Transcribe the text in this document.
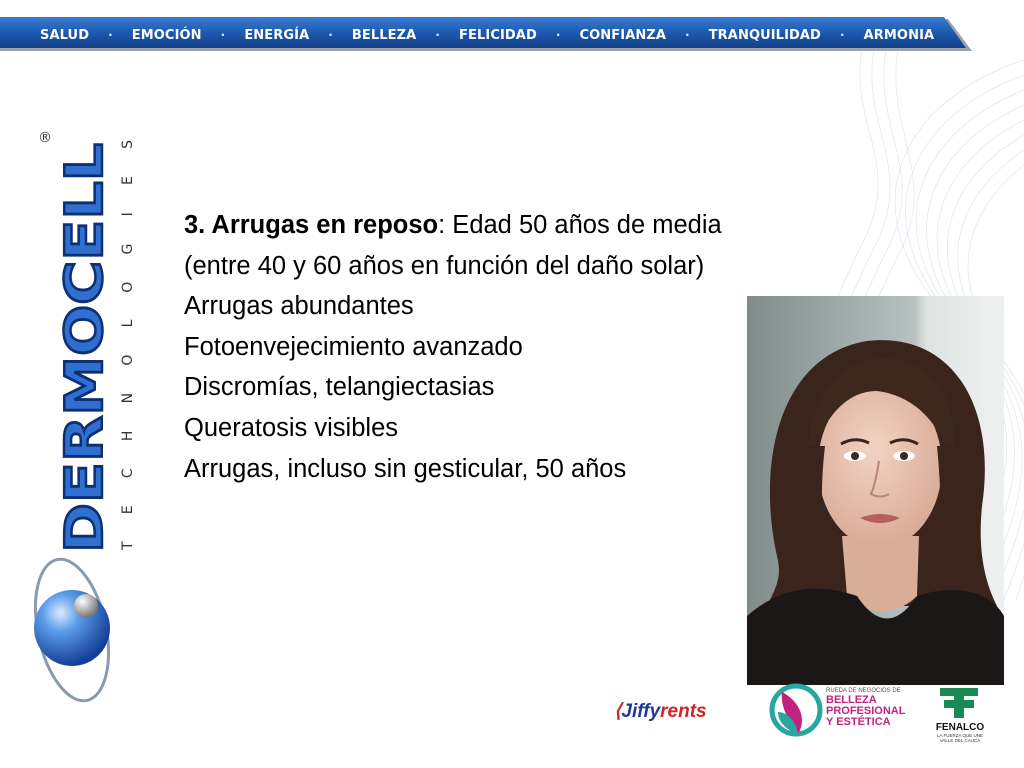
SALUD · EMOCIÓN · ENERGÍA · BELLEZA · FELICIDAD · CONFIANZA · TRANQUILIDAD · ARMONIA
DERMOCELL
®
TECHNOLOGIES
3. Arrugas en reposo: Edad 50 años de media
(entre 40 y 60 años en función del daño solar)
Arrugas abundantes
Fotoenvejecimiento avanzado
Discromías, telangiectasias
Queratosis visibles
Arrugas, incluso sin gesticular, 50 años
⟨Jiffyrents
RUEDA DE NEGOCIOS DE
BELLEZA
PROFESIONAL
Y ESTÉTICA	FENALCO
LA FUERZA QUE UNE
VALLE DEL CAUCA
